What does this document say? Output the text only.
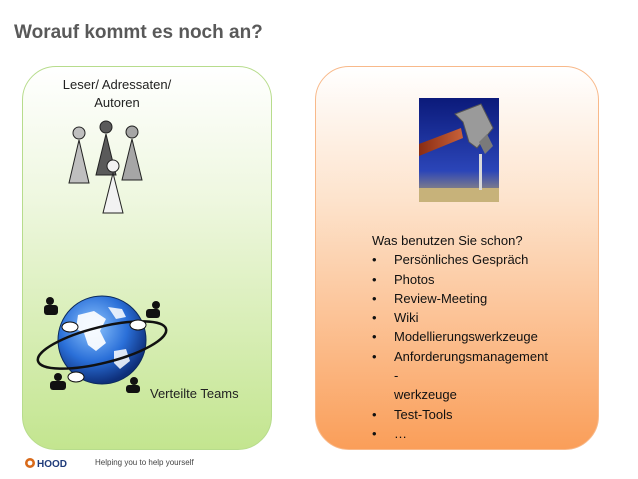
Worauf kommt es noch an?
Leser/ Adressaten/
Autoren
Verteilte Teams
Was benutzen Sie schon?
•	Persönliches Gespräch
•	Photos
•	Review-Meeting
•	Wiki
•	Modellierungswerkzeuge
•	Anforderungsmanagement
-
werkzeuge
•	Test-Tools
•	…
HOOD	Helping you to help yourself
